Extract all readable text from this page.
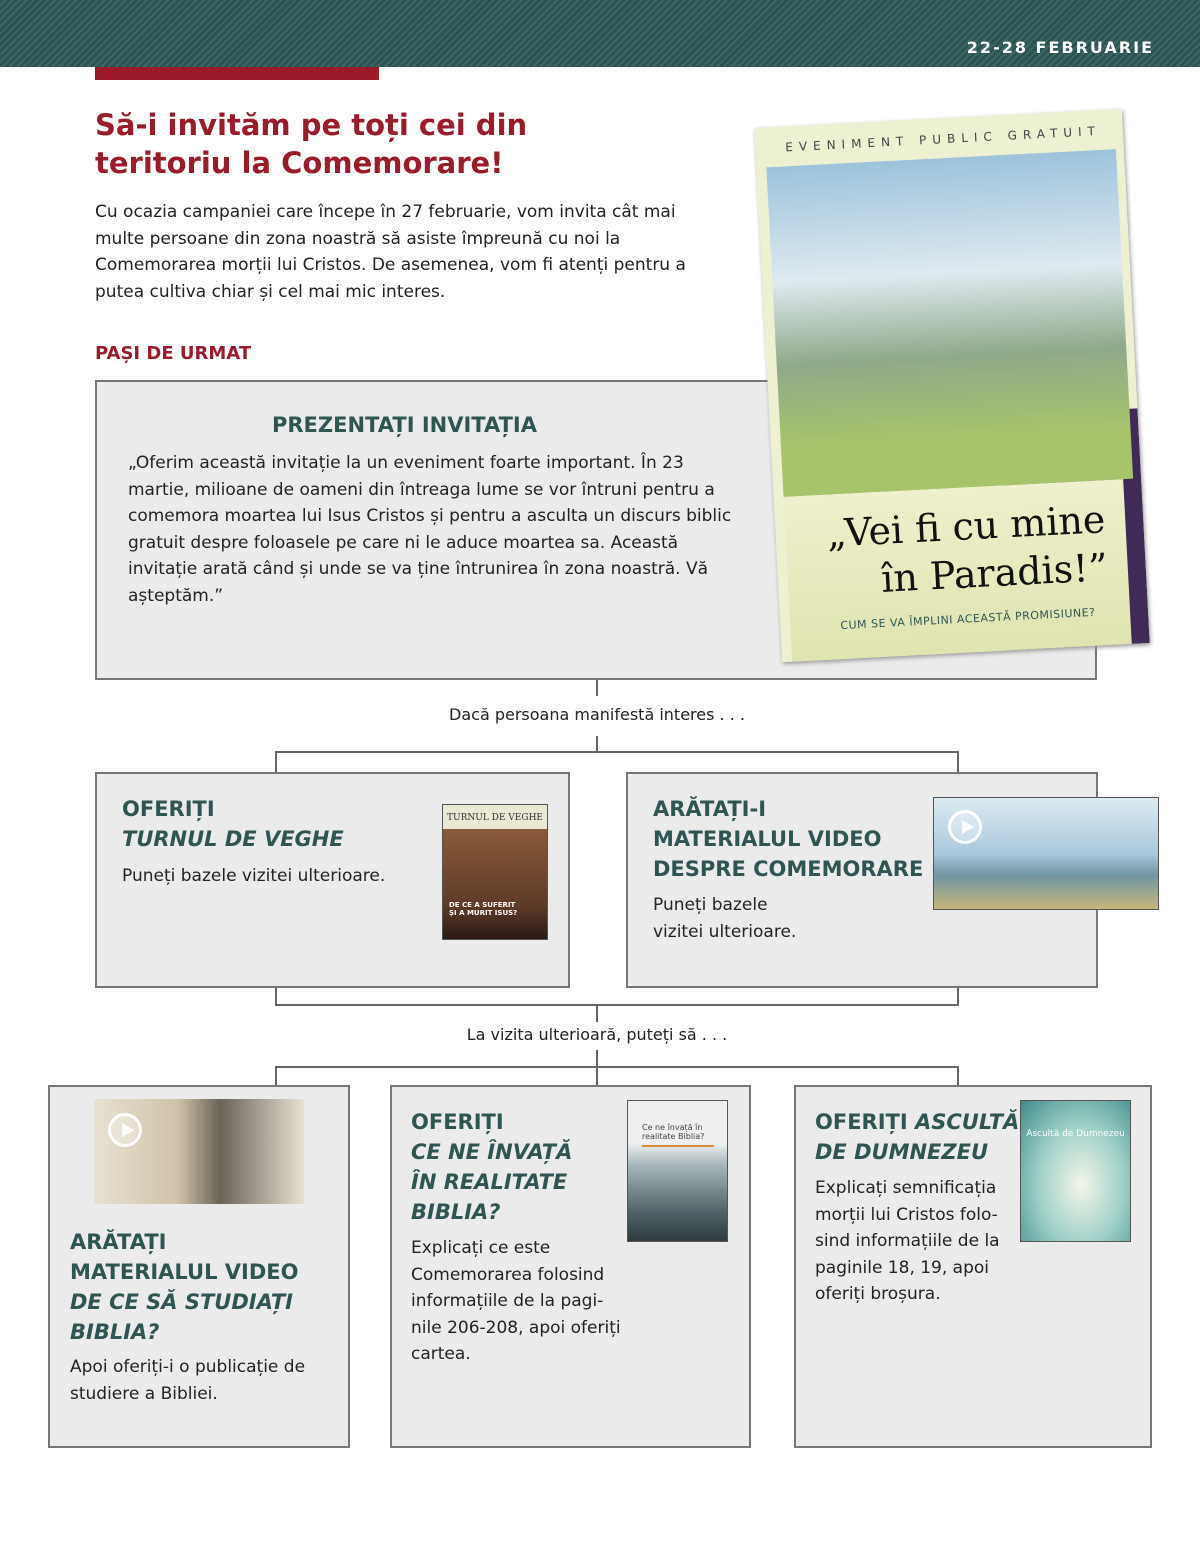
22-28 FEBRUARIE
Să-i invităm pe toți cei din teritoriu la Comemorare!

Cu ocazia campaniei care începe în 27 februarie, vom invita cât mai multe persoane din zona noastră să asiste împreună cu noi la Comemorarea morții lui Cristos. De asemenea, vom fi atenți pentru a putea cultiva chiar și cel mai mic interes.

PAȘI DE URMAT
PREZENTAȚI INVITAȚIA

„Oferim această invitație la un eveniment foarte important. În 23 martie, milioane de oameni din întreaga lume se vor întruni pentru a comemora moartea lui Isus Cristos și pentru a asculta un discurs biblic gratuit despre foloasele pe care ni le aduce moartea sa. Această invitație arată când și unde se va ține întrunirea în zona noastră. Vă așteptăm.”

EVENIMENT PUBLIC GRATUIT
„Vei fi cu mine
în Paradis!”
CUM SE VA ÎMPLINI ACEASTĂ PROMISIUNE?
Dacă persoana manifestă interes . . .
OFERIȚI
TURNUL DE VEGHE

Puneți bazele vizitei ulterioare.

TURNUL DE VEGHE
DE CE A SUFERIT ȘI A MURIT ISUS?
ARĂTAȚI-I
MATERIALUL VIDEO
DESPRE COMEMORARE

Puneți bazele
vizitei ulterioare.

La vizita ulterioară, puteți să . . .
ARĂTAȚI
MATERIALUL VIDEO
DE CE SĂ STUDIAȚI
BIBLIA?

Apoi oferiți-i o publicație de studiere a Bibliei.

OFERIȚI
CE NE ÎNVAȚĂ
ÎN REALITATE
BIBLIA?

Explicați ce este Comemorarea folosind informațiile de la pagi-nile 206-208, apoi oferiți cartea.

Ce ne învață în realitate Biblia?
OFERIȚI ASCULTĂ
DE DUMNEZEU

Explicați semnificația morții lui Cristos folo-sind informațiile de la paginile 18, 19, apoi oferiți broșura.

Ascultă de Dumnezeu
